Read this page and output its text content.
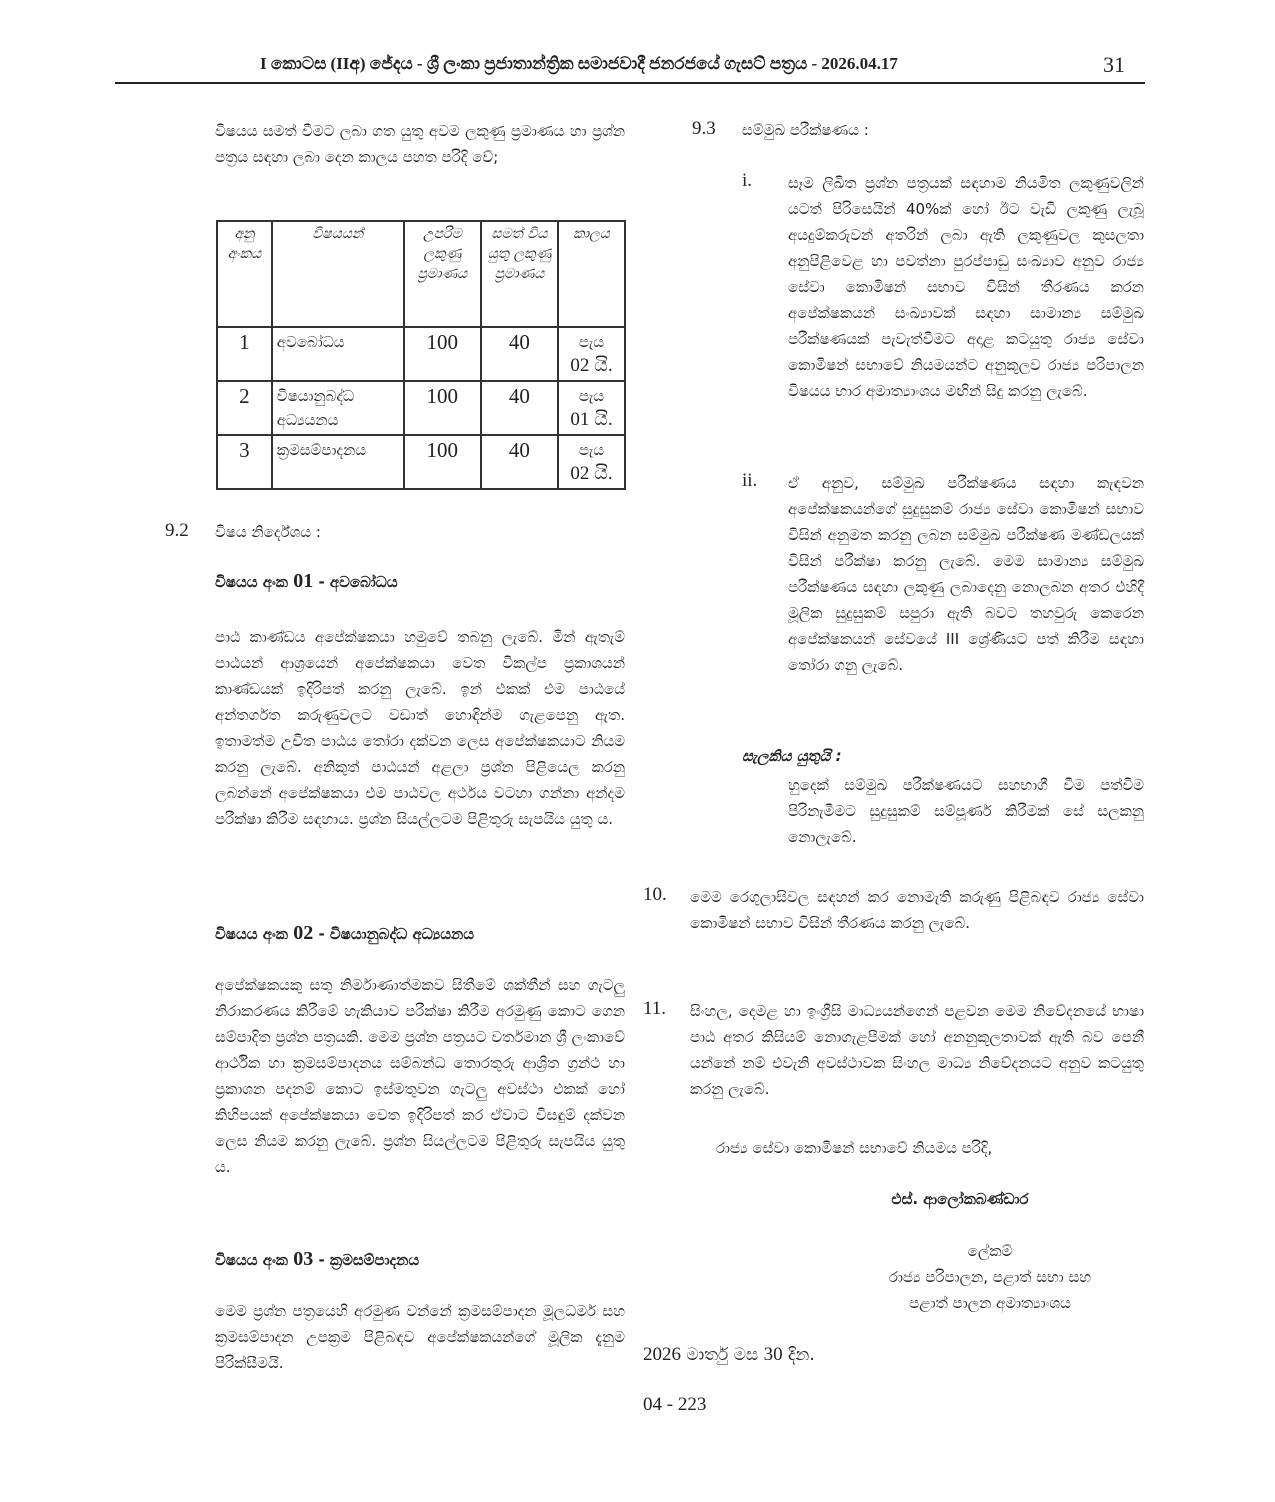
I කොටස (IIඅ) ජේදය - ශ්‍රී ලංකා ප්‍රජාතාන්ත්‍රික සමාජවාදී ජනරජයේ ගැසට් පත්‍රය - 2026.04.17	31

විෂයය සමත් වීමට ලබා ගත යුතු අවම ලකුණු ප්‍රමාණය හා ප්‍රශ්න පත්‍රය සඳහා ලබා දෙන කාලය පහත පරිදි වේ;

අනු අංකය	විෂයයන්	උපරිම ලකුණු ප්‍රමාණය	සමත් විය යුතු ලකුණු ප්‍රමාණය	කාලය
1	අවබෝධය	100	40	පැය
02 යි.

2	විෂයානුබද්ධ අධ්‍යයනය	100	40	පැය
01 යි.

3	ක්‍රමසම්පාදනය	100	40	පැය
02 යි.
9.2 විෂය නිර්දේශය :
විෂයය අංක 01 - අවබෝධය

පාඨ කාණ්ඩය අපේක්ෂකයා හමුවේ තබනු ලැබේ. මින් ඇතැම් පාඨයන් ආශ්‍රයෙන් අපේක්ෂකයා වෙත විකල්ප ප්‍රකාශයන් කාණ්ඩයක් ඉදිරිපත් කරනු ලැබේ. ඉන් එකක් එම පාඨයේ අන්තර්ගත කරුණුවලට වඩාත් හොඳින්ම ගැළපෙනු ඇත. ඉතාමත්ම උචිත පාඨය තෝරා දක්වන ලෙස අපේක්ෂකයාට නියම කරනු ලැබේ. අනිකුත් පාඨයන් අළලා ප්‍රශ්න පිළියෙල කරනු ලබන්නේ අපේක්ෂකයා එම පාඨවල අර්ථය වටහා ගන්නා අන්දම පරීක්ෂා කිරීම සඳහාය. ප්‍රශ්න සියල්ලටම පිළිතුරු සැපයිය යුතු ය.

විෂයය අංක 02 - විෂයානුබද්ධ අධ්‍යයනය

අපේක්ෂකයකු සතු නිර්මාණාත්මකව සිතීමේ ශක්තීන් සහ ගැටලු නිරාකරණය කිරීමේ හැකියාව පරීක්ෂා කිරීම අරමුණු කොට ගෙන සම්පාදිත ප්‍රශ්න පත්‍රයකි. මෙම ප්‍රශ්න පත්‍රයට වර්තමාන ශ්‍රී ලංකාවේ ආර්ථික හා ක්‍රමසම්පාදනය සම්බන්ධ තොරතුරු ආශ්‍රිත ග්‍රන්ථ හා ප්‍රකාශන පදනම් කොට ඉස්මතුවන ගැටලු අවස්ථා එකක් හෝ කිහිපයක් අපේක්ෂකයා වෙත ඉදිරිපත් කර ඒවාට විසඳුම් දක්වන ලෙස නියම කරනු ලැබේ. ප්‍රශ්න සියල්ලටම පිළිතුරු සැපයිය යුතු ය.

විෂයය අංක 03 - ක්‍රමසම්පාදනය

මෙම ප්‍රශ්න පත්‍රයෙහි අරමුණ වන්නේ ක්‍රමසම්පාදන මූලධර්ම සහ ක්‍රමසම්පාදන උපක්‍රම පිළිබඳව අපේක්ෂකයන්ගේ මූලික දැනුම පිරික්සීමයි.

9.3 සම්මුඛ පරීක්ෂණය :
i. සෑම ලිඛිත ප්‍රශ්න පත්‍රයක් සඳහාම නියමිත ලකුණුවලින් යටත් පිරිසෙයින් 40%ක් හෝ ඊට වැඩි ලකුණු ලැබූ අයදුම්කරුවන් අතරින් ලබා ඇති ලකුණුවල කුසලතා අනුපිළිවෙළ හා පවත්නා පුරප්පාඩු සංඛ්‍යාව අනුව රාජ්‍ය සේවා කොමිෂන් සභාව විසින් තීරණය කරන අපේක්ෂකයන් සංඛ්‍යාවක් සඳහා සාමාන්‍ය සම්මුඛ පරීක්ෂණයක් පැවැත්වීමට අදාළ කටයුතු රාජ්‍ය සේවා කොමිෂන් සභාවේ නියමයන්ට අනුකූලව රාජ්‍ය පරිපාලන විෂයය භාර අමාත්‍යාංශය මඟින් සිදු කරනු ලැබේ.

ii. ඒ අනුව, සම්මුඛ පරීක්ෂණය සඳහා කැඳවන අපේක්ෂකයන්ගේ සුදුසුකම් රාජ්‍ය සේවා කොමිෂන් සභාව විසින් අනුමත කරනු ලබන සම්මුඛ පරීක්ෂණ මණ්ඩලයක් විසින් පරීක්ෂා කරනු ලැබේ. මෙම සාමාන්‍ය සම්මුඛ පරීක්ෂණය සඳහා ලකුණු ලබාදෙනු නොලබන අතර එහිදී මූලික සුදුසුකම් සපුරා ඇති බවට තහවුරු කෙරෙන අපේක්ෂකයන් සේවයේ III ශ්‍රේණියට පත් කිරීම සඳහා තෝරා ගනු ලැබේ.

සැලකිය යුතුයි :

හුදෙක් සම්මුඛ පරීක්ෂණයට සහභාගී වීම පත්වීම පිරිනැමීමට සුදුසුකම් සම්පූර්ණ කිරීමක් සේ සලකනු නොලැබේ.

10. මෙම රෙගුලාසිවල සඳහන් කර නොමැති කරුණු පිළිබඳව රාජ්‍ය සේවා කොමිෂන් සභාව විසින් තීරණය කරනු ලැබේ.

11. සිංහල, දෙමළ හා ඉංග්‍රීසි මාධ්‍යයන්ගෙන් පළවන මෙම නිවේදනයේ භාෂා පාඨ අතර කිසියම් නොගැළපීමක් හෝ අනනුකූලතාවක් ඇති බව පෙනී යන්නේ නම් එවැනි අවස්ථාවක සිංහල මාධ්‍ය නිවේදනයට අනුව කටයුතු කරනු ලැබේ.

රාජ්‍ය සේවා කොමිෂන් සභාවේ නියමය පරිදි,

එස්. ආලෝකබණ්ඩාර
ලේකම්
රාජ්‍ය පරිපාලන, පළාත් සභා සහ
පළාත් පාලන අමාත්‍යාංශය
2026 මාර්තු මස 30 දින.
04 - 223
